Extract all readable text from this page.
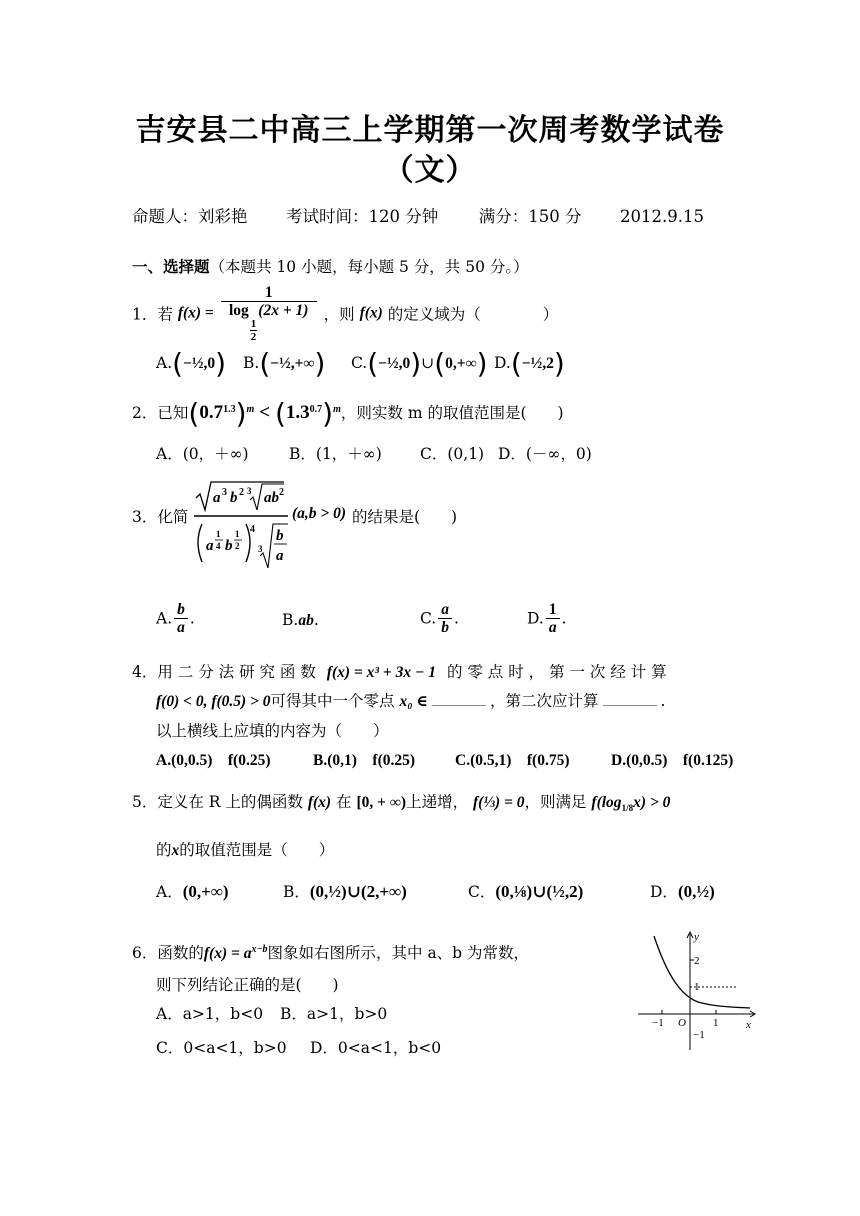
吉安县二中高三上学期第一次周考数学试卷
（文）
命题人：刘彩艳 考试时间：120 分钟 满分：150 分 2012.9.15
一、选择题（本题共 10 小题，每小题 5 分，共 50 分。）
1．若 f(x) = 1
log
$\frac{1}{2}$
(2x + 1) ，则 f(x) 的定义域为（　　　　）
A.(−½,0) B.(−½,+∞) C.(−½,0)∪(0,+∞) D.(−½,2)
2．已知$(0.7^{1.3})^m < (1.3^{0.7})^m$，则实数 m 的取值范围是(　　)
A．(0，＋∞)	B．(1，＋∞) C．(0,1) D．(－∞，0)
3．化简
a 3 b 2 3 ab 2
a
1
4 b
1
2
4
3
b
a
(a,b > 0) 的结果是(　　)
A. $\frac{b}{a}$ .	B.ab.	C. $\frac{a}{b}$ .	D. $\frac{1}{a}$ .
4．用 二 分 法 研 究 函 数 f(x) = x³ + 3x − 1 的 零 点 时 ， 第 一 次 经 计 算
f(0) < 0, f(0.5) > 0可得其中一个零点 x₀ ∈	，第二次应计算	.
以上横线上应填的内容为（　　）
A.(0,0.5)　f(0.25)	B.(0,1)　f(0.25)	C.(0.5,1)　f(0.75)	D.(0,0.5)　f(0.125)
5．定义在 R 上的偶函数 f(x) 在 [0, + ∞)上递增， f(⅓) = 0，则满足 $f(\log_{1/8}x) > 0$
的x的取值范围是（　　）
A．(0,+∞)	B．(0,½)∪(2,+∞)	C．(0,⅛)∪(½,2)	D．(0,½)
6．函数的$f(x) = a^{x-b}$图象如右图所示，其中 a、b 为常数，
则下列结论正确的是(　　)
A．a>1，b<0 B．a>1，b>0
C．0<a<1，b>0 D．0<a<1，b<0
y
x
O
2
1
−1
−1	1
